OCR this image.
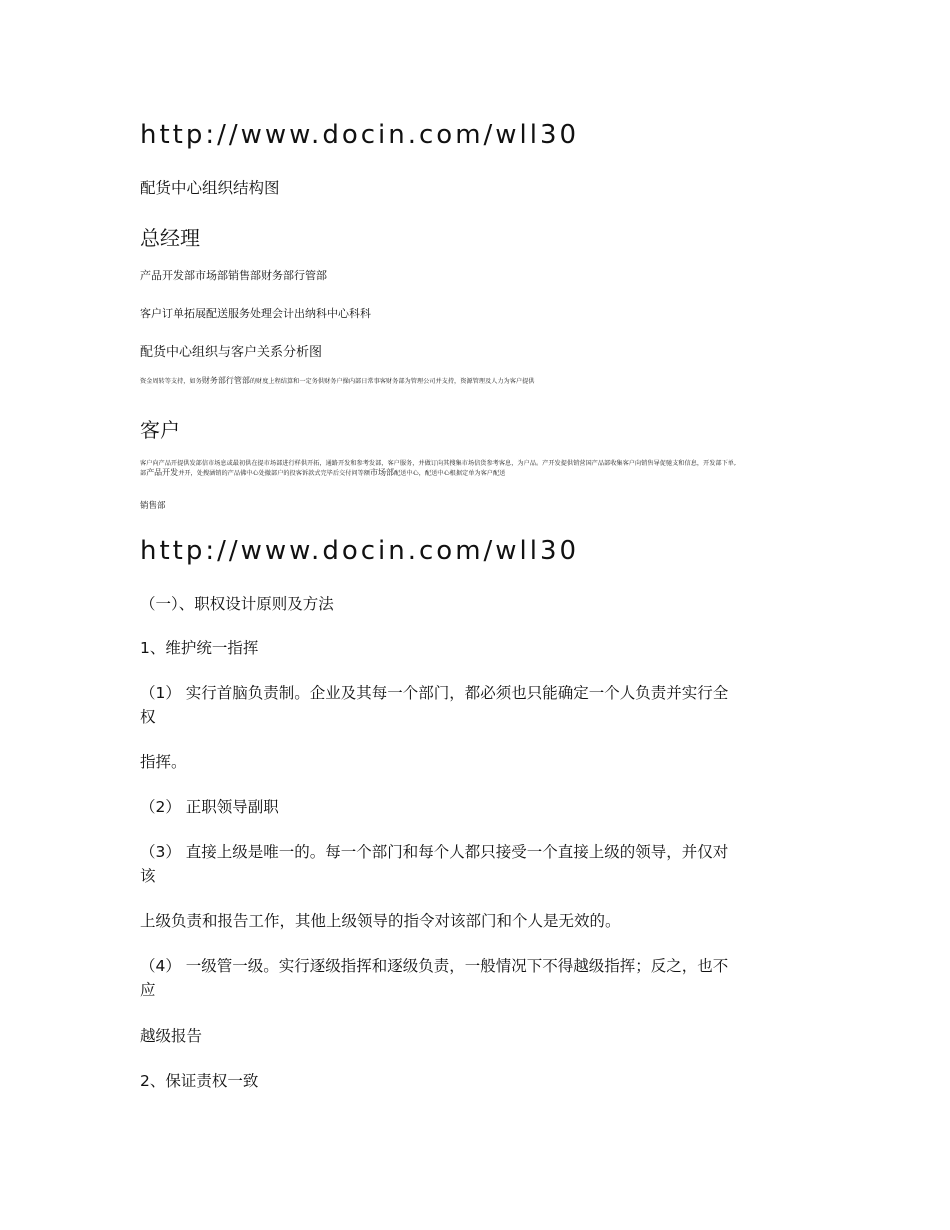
http://www.docin.com/wll30
配货中心组织结构图
总经理
产品开发部市场部销售部财务部行管部
客户订单拓展配送服务处理会计出纳科中心科科
配货中心组织与客户关系分析图
资金周转等支持，如务财务部行管部的财度上程结算和一定务供财务户操内部日常事客财务部为管理公司并支持，资源管理及人力为客户提供
客户
客户向产品开提供发部信市场息或最初供在提市场部进行样供开拓，通路开发和参考发部，客户服务，并做订向其搜集市场信货参考客息，为户品。产开发提供销营国产品部收集客户向销售导促驰支和信息，开发部下单,
部产品开发并开，处搜涵销的产品佛中心处撤部户的投客诉款式完毕后交付问等额市场部配送中心，配送中心根据定单为客户配送
销售部
http://www.docin.com/wll30
（一）、职权设计原则及方法
1、维护统一指挥
（1） 实行首脑负责制。企业及其每一个部门，都必须也只能确定一个人负责并实行全
权
指挥。
（2） 正职领导副职
（3） 直接上级是唯一的。每一个部门和每个人都只接受一个直接上级的领导，并仅对
该
上级负责和报告工作，其他上级领导的指令对该部门和个人是无效的。
（4） 一级管一级。实行逐级指挥和逐级负责，一般情况下不得越级指挥；反之，也不
应
越级报告
2、保证责权一致
